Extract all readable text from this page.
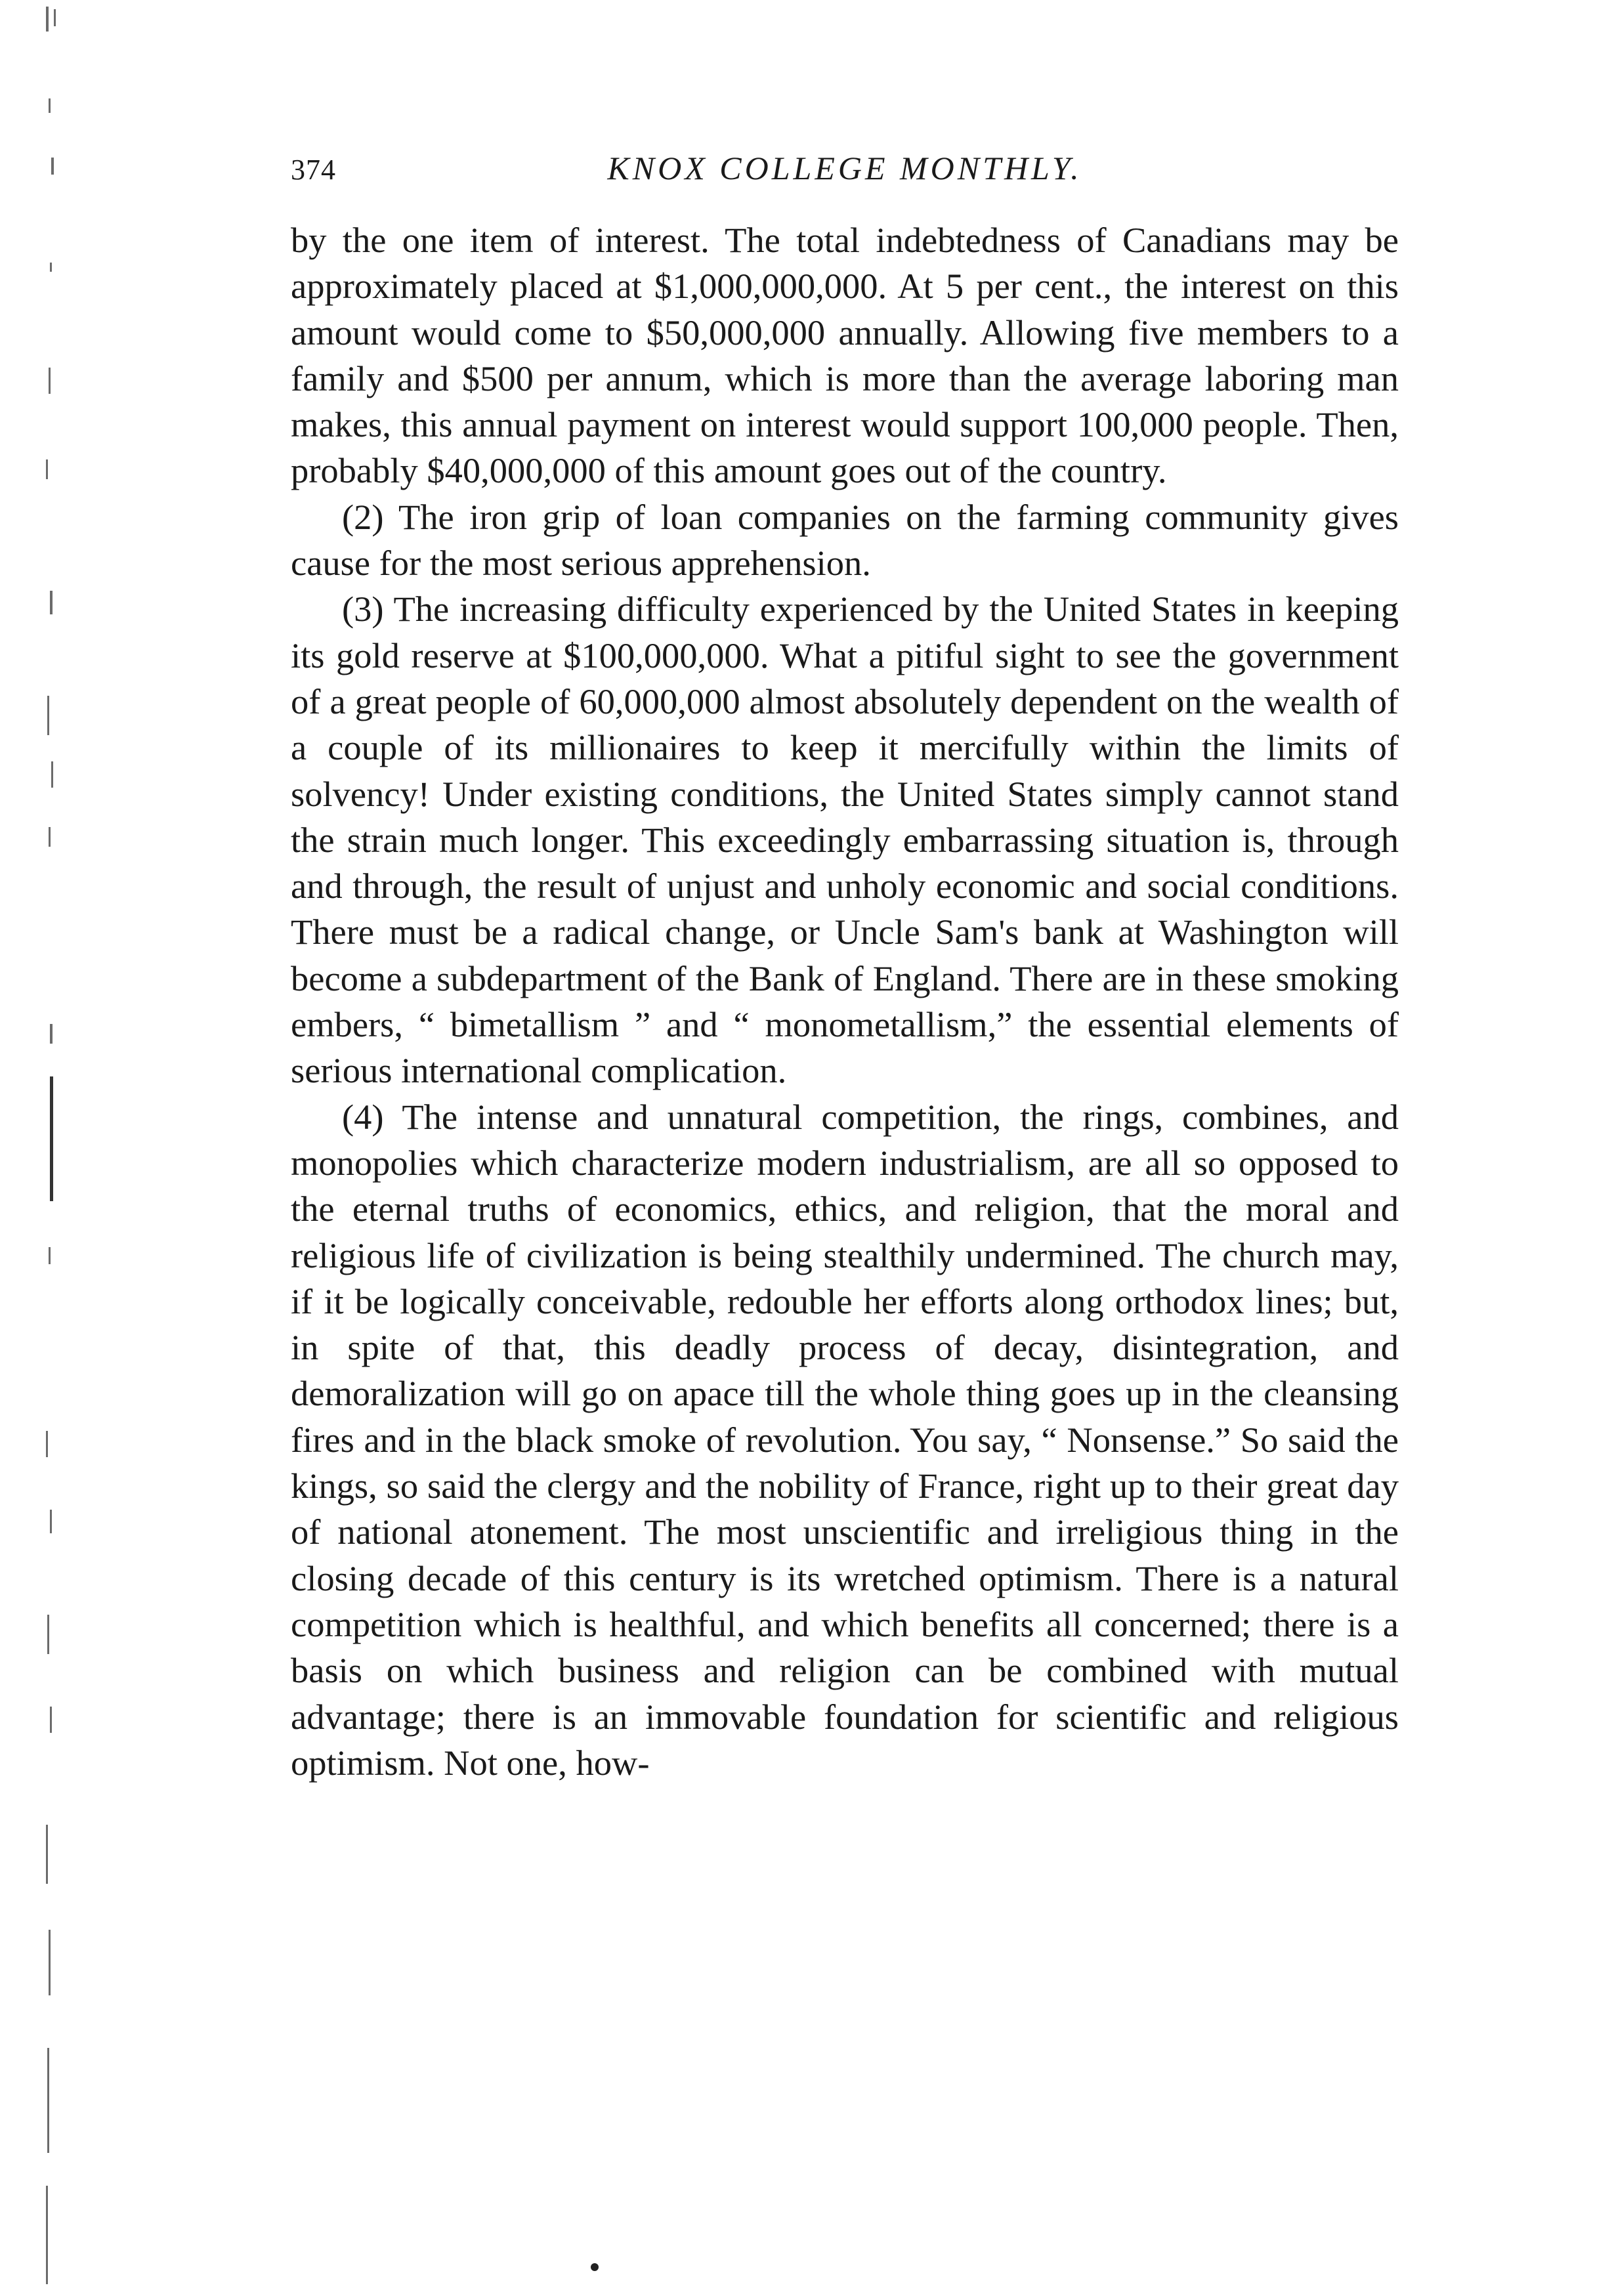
374	KNOX COLLEGE MONTHLY.

by the one item of interest. The total indebtedness of Canadians may be approximately placed at $1,000,000,000. At 5 per cent., the interest on this amount would come to $50,000,000 annually. Allowing five members to a family and $500 per annum, which is more than the average laboring man makes, this annual payment on interest would support 100,000 people. Then, probably $40,000,000 of this amount goes out of the country.

(2) The iron grip of loan companies on the farming community gives cause for the most serious apprehension.

(3) The increasing difficulty experienced by the United States in keeping its gold reserve at $100,000,000. What a pitiful sight to see the government of a great people of 60,000,000 almost absolutely dependent on the wealth of a couple of its millionaires to keep it mercifully within the limits of solvency! Under existing conditions, the United States simply cannot stand the strain much longer. This exceedingly embarrassing situation is, through and through, the result of unjust and unholy economic and social conditions. There must be a radical change, or Uncle Sam's bank at Washington will become a subdepartment of the Bank of England. There are in these smoking embers, “ bimetallism ” and “ monometallism,” the essential elements of serious international complication.

(4) The intense and unnatural competition, the rings, combines, and monopolies which characterize modern industrialism, are all so opposed to the eternal truths of economics, ethics, and religion, that the moral and religious life of civilization is being stealthily undermined. The church may, if it be logically conceivable, redouble her efforts along orthodox lines; but, in spite of that, this deadly process of decay, disintegration, and demoralization will go on apace till the whole thing goes up in the cleansing fires and in the black smoke of revolution. You say, “ Nonsense.” So said the kings, so said the clergy and the nobility of France, right up to their great day of national atonement. The most unscientific and irreligious thing in the closing decade of this century is its wretched optimism. There is a natural competition which is healthful, and which benefits all concerned; there is a basis on which business and religion can be combined with mutual advantage; there is an immovable foundation for scientific and religious optimism. Not one, how-
